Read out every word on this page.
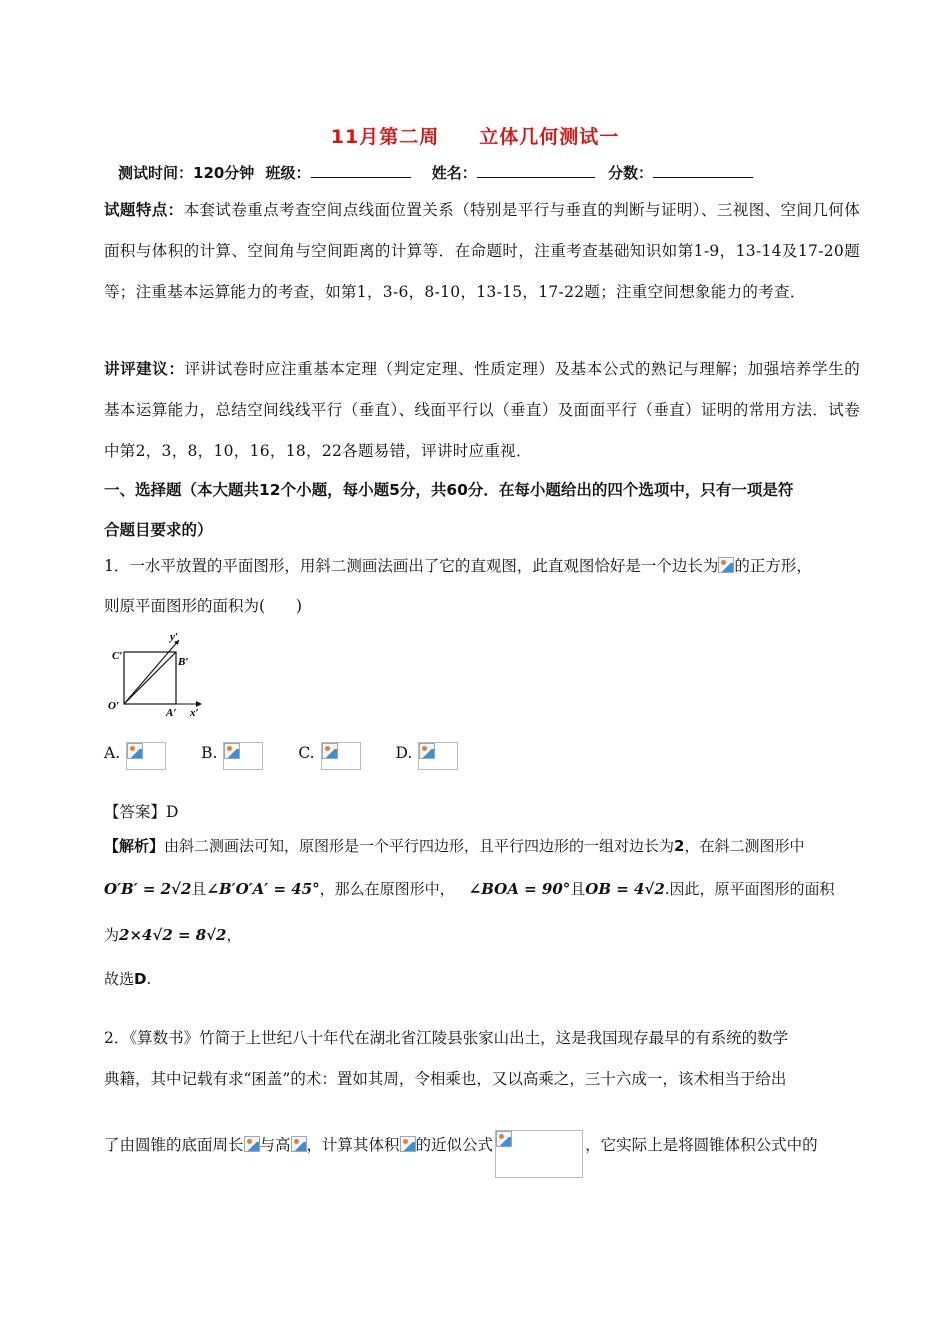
11月第二周 立体几何测试一
测试时间：120分钟 班级：	姓名：	分数：
试题特点：本套试卷重点考查空间点线面位置关系（特别是平行与垂直的判断与证明）、三视图、空间几何体面积与体积的计算、空间角与空间距离的计算等．在命题时，注重考查基础知识如第1-9，13-14及17-20题等；注重基本运算能力的考查，如第1，3-6，8-10，13-15，17-22题；注重空间想象能力的考查．
讲评建议：评讲试卷时应注重基本定理（判定定理、性质定理）及基本公式的熟记与理解；加强培养学生的基本运算能力，总结空间线线平行（垂直）、线面平行以（垂直）及面面平行（垂直）证明的常用方法．试卷中第2，3，8，10，16，18，22各题易错，评讲时应重视．
一、选择题（本大题共12个小题，每小题5分，共60分．在每小题给出的四个选项中，只有一项是符
合题目要求的）
1．一水平放置的平面图形，用斜二测画法画出了它的直观图，此直观图恰好是一个边长为 的正方形，
则原平面图形的面积为(　　)
C′	B′
O′
A′ x′
y′
A.	B.	C.	D.
【答案】D
【解析】由斜二测画法可知，原图形是一个平行四边形，且平行四边形的一组对边长为2，在斜二测图形中
O′B′ = 2√2且∠B′O′A′ = 45°，那么在原图形中， ∠BOA = 90°且OB = 4√2.因此，原平面图形的面积
为2×4√2 = 8√2，
故选D.
2．《算数书》竹简于上世纪八十年代在湖北省江陵县张家山出土，这是我国现存最早的有系统的数学
典籍，其中记载有求“囷盖”的术：置如其周，令相乘也，又以高乘之，三十六成一，该术相当于给出
了由圆锥的底面周长 与高 ，计算其体积 的近似公式	，它实际上是将圆锥体积公式中的
